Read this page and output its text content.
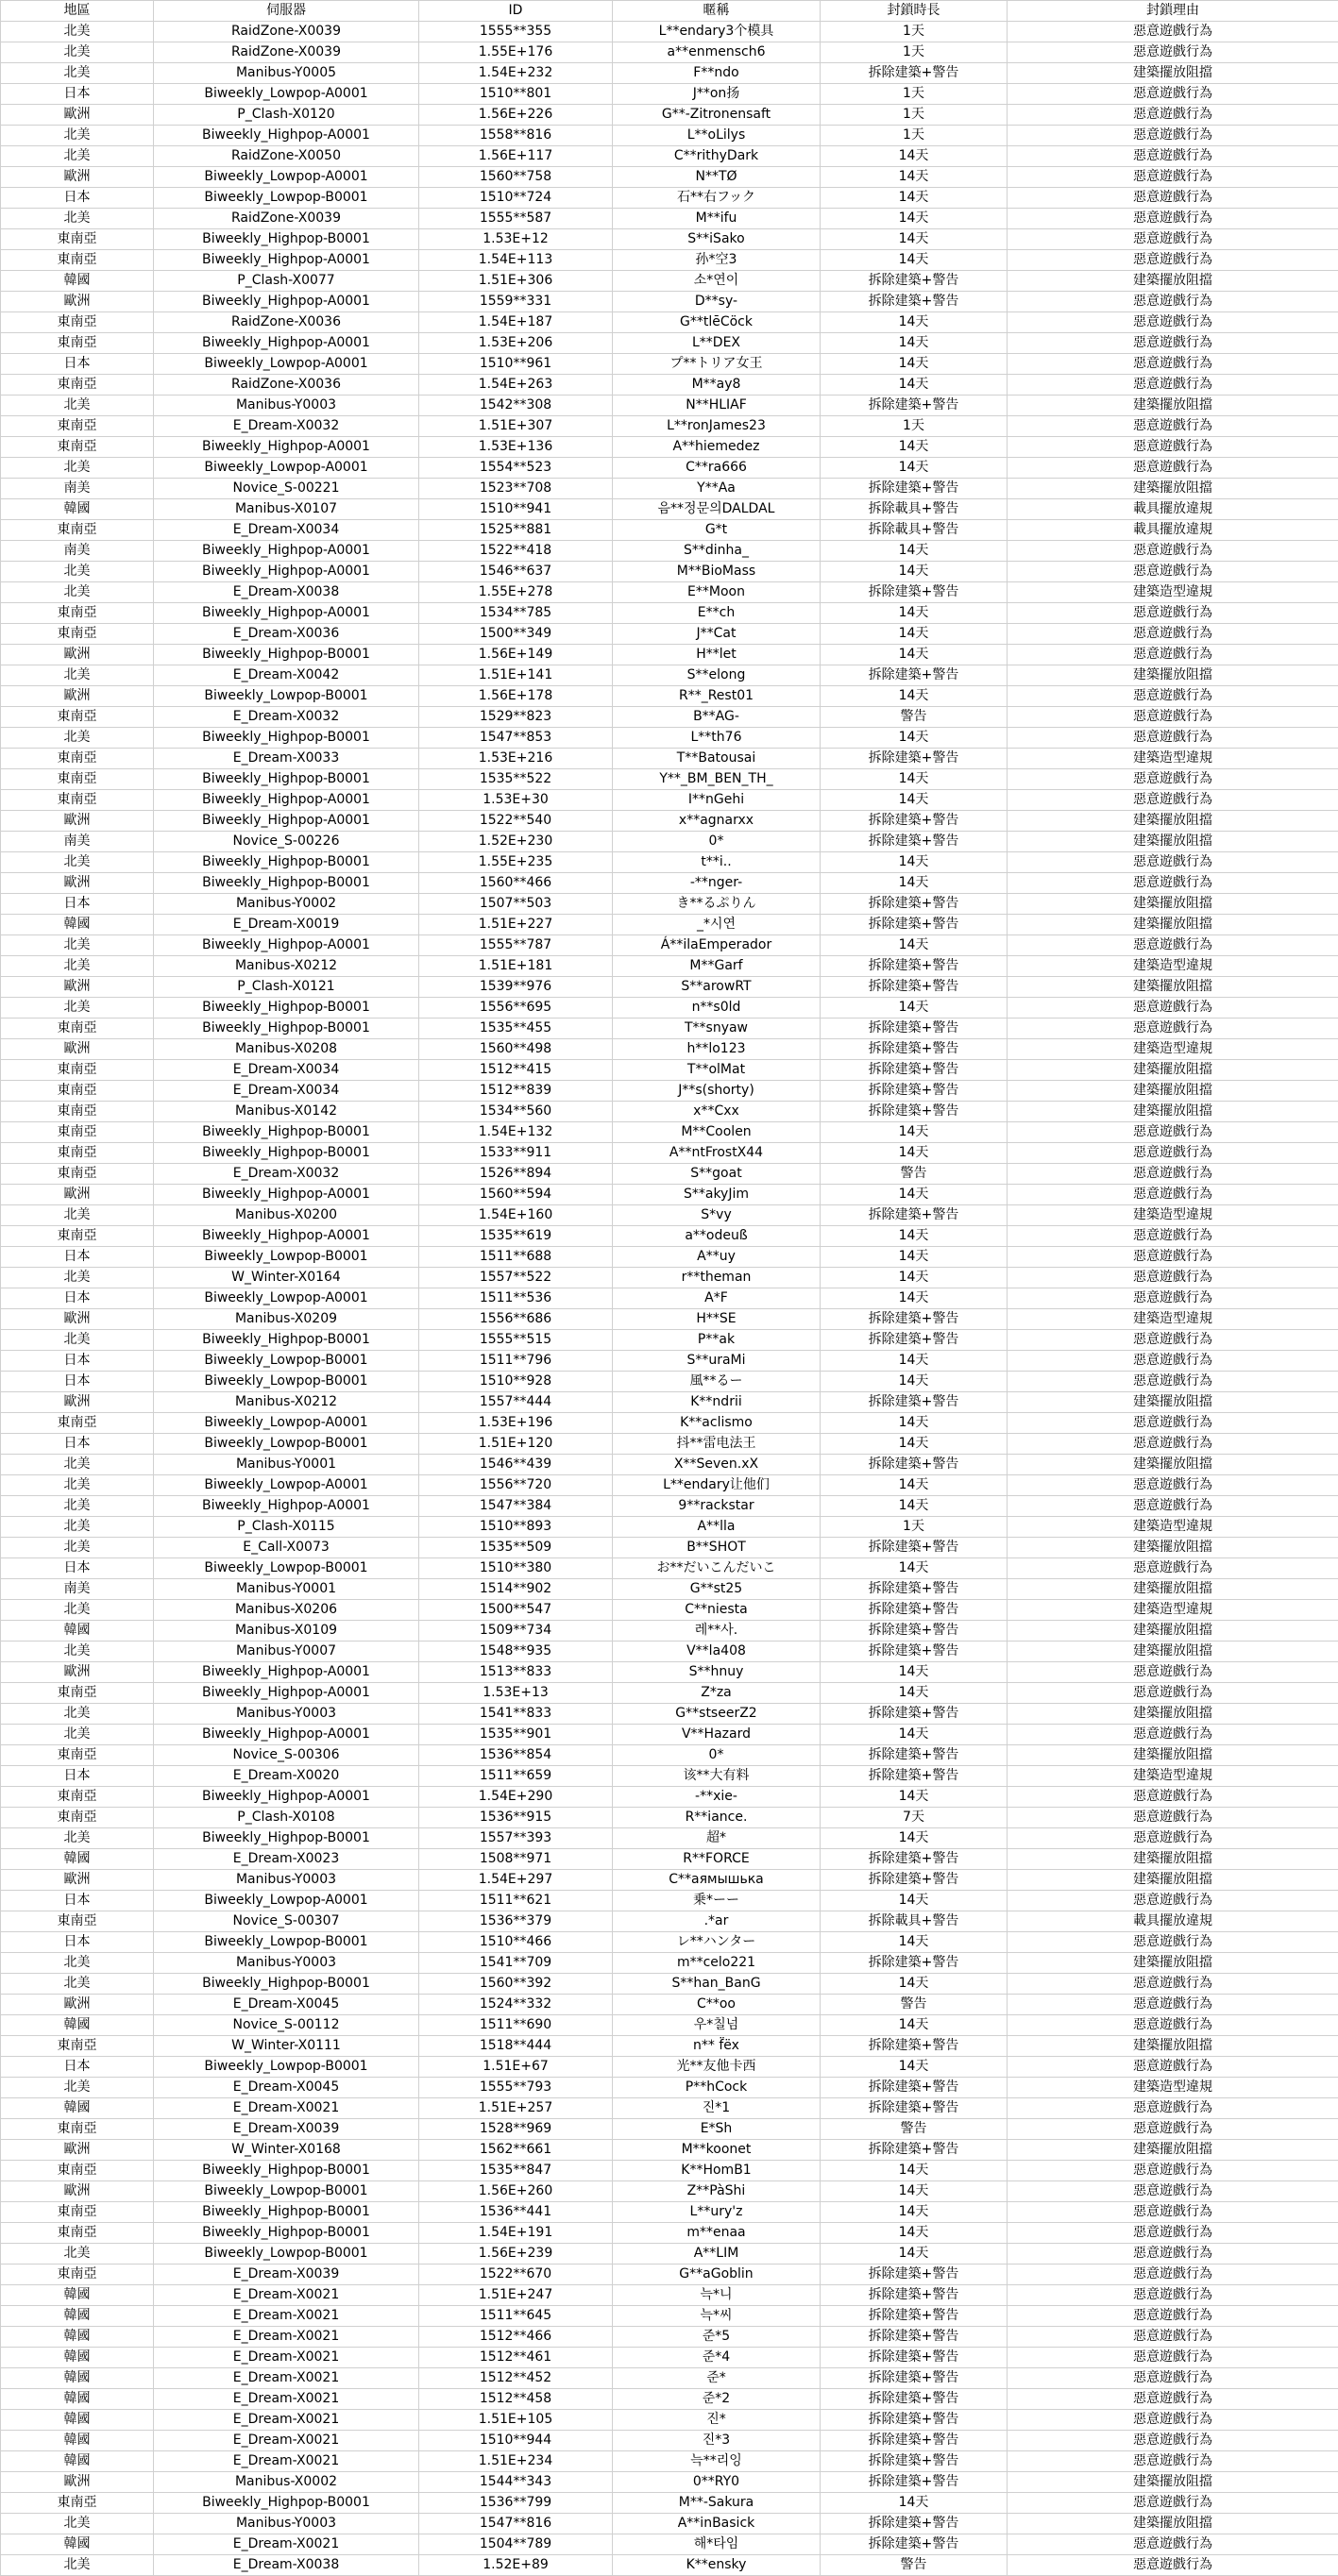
地區	伺服器	ID	暱稱	封鎖時長	封鎖理由
北美	RaidZone-X0039	1555**355	L**endary3个模具	1天	惡意遊戲行為
北美	RaidZone-X0039	1.55E+176	a**enmensch6	1天	惡意遊戲行為
北美	Manibus-Y0005	1.54E+232	F**ndo	拆除建築+警告	建築擺放阻擋
日本	Biweekly_Lowpop-A0001	1510**801	J**on扬	1天	惡意遊戲行為
歐洲	P_Clash-X0120	1.56E+226	G**-Zitronensaft	1天	惡意遊戲行為
北美	Biweekly_Highpop-A0001	1558**816	L**oLilys	1天	惡意遊戲行為
北美	RaidZone-X0050	1.56E+117	C**rithyDark	14天	惡意遊戲行為
歐洲	Biweekly_Lowpop-A0001	1560**758	N**TØ	14天	惡意遊戲行為
日本	Biweekly_Lowpop-B0001	1510**724	石**右フック	14天	惡意遊戲行為
北美	RaidZone-X0039	1555**587	M**ifu	14天	惡意遊戲行為
東南亞	Biweekly_Highpop-B0001	1.53E+12	S**iSako	14天	惡意遊戲行為
東南亞	Biweekly_Highpop-A0001	1.54E+113	孙*空3	14天	惡意遊戲行為
韓國	P_Clash-X0077	1.51E+306	소*연이	拆除建築+警告	建築擺放阻擋
歐洲	Biweekly_Highpop-A0001	1559**331	D**sy-	拆除建築+警告	惡意遊戲行為
東南亞	RaidZone-X0036	1.54E+187	G**tlēCöck	14天	惡意遊戲行為
東南亞	Biweekly_Highpop-A0001	1.53E+206	L**DEX	14天	惡意遊戲行為
日本	Biweekly_Lowpop-A0001	1510**961	プ**トリア女王	14天	惡意遊戲行為
東南亞	RaidZone-X0036	1.54E+263	M**ay8	14天	惡意遊戲行為
北美	Manibus-Y0003	1542**308	N**HLIAF	拆除建築+警告	建築擺放阻擋
東南亞	E_Dream-X0032	1.51E+307	L**ronJames23	1天	惡意遊戲行為
東南亞	Biweekly_Highpop-A0001	1.53E+136	A**hiemedez	14天	惡意遊戲行為
北美	Biweekly_Lowpop-A0001	1554**523	C**ra666	14天	惡意遊戲行為
南美	Novice_S-00221	1523**708	Y**Aa	拆除建築+警告	建築擺放阻擋
韓國	Manibus-X0107	1510**941	음**정문의DALDAL	拆除載具+警告	載具擺放違規
東南亞	E_Dream-X0034	1525**881	G*t	拆除載具+警告	載具擺放違規
南美	Biweekly_Highpop-A0001	1522**418	S**dinha_	14天	惡意遊戲行為
北美	Biweekly_Highpop-A0001	1546**637	M**BioMass	14天	惡意遊戲行為
北美	E_Dream-X0038	1.55E+278	E**Moon	拆除建築+警告	建築造型違規
東南亞	Biweekly_Highpop-A0001	1534**785	E**ch	14天	惡意遊戲行為
東南亞	E_Dream-X0036	1500**349	J**Cat	14天	惡意遊戲行為
歐洲	Biweekly_Highpop-B0001	1.56E+149	H**let	14天	惡意遊戲行為
北美	E_Dream-X0042	1.51E+141	S**elong	拆除建築+警告	建築擺放阻擋
歐洲	Biweekly_Lowpop-B0001	1.56E+178	R**_Rest01	14天	惡意遊戲行為
東南亞	E_Dream-X0032	1529**823	B**AG-	警告	惡意遊戲行為
北美	Biweekly_Highpop-B0001	1547**853	L**th76	14天	惡意遊戲行為
東南亞	E_Dream-X0033	1.53E+216	T**Batousai	拆除建築+警告	建築造型違規
東南亞	Biweekly_Highpop-B0001	1535**522	Y**_BM_BEN_TH_	14天	惡意遊戲行為
東南亞	Biweekly_Highpop-A0001	1.53E+30	I**nGehi	14天	惡意遊戲行為
歐洲	Biweekly_Highpop-A0001	1522**540	x**agnarxx	拆除建築+警告	建築擺放阻擋
南美	Novice_S-00226	1.52E+230	0*	拆除建築+警告	建築擺放阻擋
北美	Biweekly_Highpop-B0001	1.55E+235	t**i..	14天	惡意遊戲行為
歐洲	Biweekly_Highpop-B0001	1560**466	-**nger-	14天	惡意遊戲行為
日本	Manibus-Y0002	1507**503	き**るぷりん	拆除建築+警告	建築擺放阻擋
韓國	E_Dream-X0019	1.51E+227	_*시연	拆除建築+警告	建築擺放阻擋
北美	Biweekly_Highpop-A0001	1555**787	Á**ilaEmperador	14天	惡意遊戲行為
北美	Manibus-X0212	1.51E+181	M**Garf	拆除建築+警告	建築造型違規
歐洲	P_Clash-X0121	1539**976	S**arowRT	拆除建築+警告	建築擺放阻擋
北美	Biweekly_Highpop-B0001	1556**695	n**s0ld	14天	惡意遊戲行為
東南亞	Biweekly_Highpop-B0001	1535**455	T**snyaw	拆除建築+警告	惡意遊戲行為
歐洲	Manibus-X0208	1560**498	h**lo123	拆除建築+警告	建築造型違規
東南亞	E_Dream-X0034	1512**415	T**olMat	拆除建築+警告	建築擺放阻擋
東南亞	E_Dream-X0034	1512**839	J**s(shorty)	拆除建築+警告	建築擺放阻擋
東南亞	Manibus-X0142	1534**560	x**Cxx	拆除建築+警告	建築擺放阻擋
東南亞	Biweekly_Highpop-B0001	1.54E+132	M**Coolen	14天	惡意遊戲行為
東南亞	Biweekly_Highpop-B0001	1533**911	A**ntFrostX44	14天	惡意遊戲行為
東南亞	E_Dream-X0032	1526**894	S**goat	警告	惡意遊戲行為
歐洲	Biweekly_Highpop-A0001	1560**594	S**akyJim	14天	惡意遊戲行為
北美	Manibus-X0200	1.54E+160	S*vy	拆除建築+警告	建築造型違規
東南亞	Biweekly_Highpop-A0001	1535**619	a**odeuß	14天	惡意遊戲行為
日本	Biweekly_Lowpop-B0001	1511**688	A**uy	14天	惡意遊戲行為
北美	W_Winter-X0164	1557**522	r**theman	14天	惡意遊戲行為
日本	Biweekly_Lowpop-A0001	1511**536	A*F	14天	惡意遊戲行為
歐洲	Manibus-X0209	1556**686	H**SE	拆除建築+警告	建築造型違規
北美	Biweekly_Highpop-B0001	1555**515	P**ak	拆除建築+警告	惡意遊戲行為
日本	Biweekly_Lowpop-B0001	1511**796	S**uraMi	14天	惡意遊戲行為
日本	Biweekly_Lowpop-B0001	1510**928	風**るー	14天	惡意遊戲行為
歐洲	Manibus-X0212	1557**444	K**ndrii	拆除建築+警告	建築擺放阻擋
東南亞	Biweekly_Lowpop-A0001	1.53E+196	K**aclismo	14天	惡意遊戲行為
日本	Biweekly_Lowpop-B0001	1.51E+120	抖**雷电法王	14天	惡意遊戲行為
北美	Manibus-Y0001	1546**439	X**Seven.xX	拆除建築+警告	建築擺放阻擋
北美	Biweekly_Lowpop-A0001	1556**720	L**endary让他们	14天	惡意遊戲行為
北美	Biweekly_Highpop-A0001	1547**384	9**rackstar	14天	惡意遊戲行為
北美	P_Clash-X0115	1510**893	A**lla	1天	建築造型違規
北美	E_Call-X0073	1535**509	B**SHOT	拆除建築+警告	建築擺放阻擋
日本	Biweekly_Lowpop-B0001	1510**380	お**だいこんだいこ	14天	惡意遊戲行為
南美	Manibus-Y0001	1514**902	G**st25	拆除建築+警告	建築擺放阻擋
北美	Manibus-X0206	1500**547	C**niesta	拆除建築+警告	建築造型違規
韓國	Manibus-X0109	1509**734	레**사.	拆除建築+警告	建築擺放阻擋
北美	Manibus-Y0007	1548**935	V**la408	拆除建築+警告	建築擺放阻擋
歐洲	Biweekly_Highpop-A0001	1513**833	S**hnuy	14天	惡意遊戲行為
東南亞	Biweekly_Highpop-A0001	1.53E+13	Z*za	14天	惡意遊戲行為
北美	Manibus-Y0003	1541**833	G**stseerZ2	拆除建築+警告	建築擺放阻擋
北美	Biweekly_Highpop-A0001	1535**901	V**Hazard	14天	惡意遊戲行為
東南亞	Novice_S-00306	1536**854	0*	拆除建築+警告	建築擺放阻擋
日本	E_Dream-X0020	1511**659	该**大有料	拆除建築+警告	建築造型違規
東南亞	Biweekly_Highpop-A0001	1.54E+290	-**xie-	14天	惡意遊戲行為
東南亞	P_Clash-X0108	1536**915	R**iance.	7天	惡意遊戲行為
北美	Biweekly_Highpop-B0001	1557**393	超*	14天	惡意遊戲行為
韓國	E_Dream-X0023	1508**971	R**FORCE	拆除建築+警告	建築擺放阻擋
歐洲	Manibus-Y0003	1.54E+297	C**аямышька	拆除建築+警告	建築擺放阻擋
日本	Biweekly_Lowpop-A0001	1511**621	乗*ーー	14天	惡意遊戲行為
東南亞	Novice_S-00307	1536**379	.*ar	拆除載具+警告	載具擺放違規
日本	Biweekly_Lowpop-B0001	1510**466	レ**ハンター	14天	惡意遊戲行為
北美	Manibus-Y0003	1541**709	m**celo221	拆除建築+警告	建築擺放阻擋
北美	Biweekly_Highpop-B0001	1560**392	S**han_BanG	14天	惡意遊戲行為
歐洲	E_Dream-X0045	1524**332	C**oo	警告	惡意遊戲行為
韓國	Novice_S-00112	1511**690	우*칠넘	14天	惡意遊戲行為
東南亞	W_Winter-X0111	1518**444	n** f̈ëx	拆除建築+警告	建築擺放阻擋
日本	Biweekly_Lowpop-B0001	1.51E+67	光**友他卡西	14天	惡意遊戲行為
北美	E_Dream-X0045	1555**793	P**hCock	拆除建築+警告	建築造型違規
韓國	E_Dream-X0021	1.51E+257	진*1	拆除建築+警告	惡意遊戲行為
東南亞	E_Dream-X0039	1528**969	E*Sh	警告	惡意遊戲行為
歐洲	W_Winter-X0168	1562**661	M**koonet	拆除建築+警告	建築擺放阻擋
東南亞	Biweekly_Highpop-B0001	1535**847	K**HomB1	14天	惡意遊戲行為
歐洲	Biweekly_Lowpop-B0001	1.56E+260	Z**PàShi	14天	惡意遊戲行為
東南亞	Biweekly_Highpop-B0001	1536**441	L**ury'z	14天	惡意遊戲行為
東南亞	Biweekly_Highpop-B0001	1.54E+191	m**enaa	14天	惡意遊戲行為
北美	Biweekly_Lowpop-B0001	1.56E+239	A**LIM	14天	惡意遊戲行為
東南亞	E_Dream-X0039	1522**670	G**aGoblin	拆除建築+警告	惡意遊戲行為
韓國	E_Dream-X0021	1.51E+247	늑*니	拆除建築+警告	惡意遊戲行為
韓國	E_Dream-X0021	1511**645	늑*씨	拆除建築+警告	惡意遊戲行為
韓國	E_Dream-X0021	1512**466	준*5	拆除建築+警告	惡意遊戲行為
韓國	E_Dream-X0021	1512**461	준*4	拆除建築+警告	惡意遊戲行為
韓國	E_Dream-X0021	1512**452	준*	拆除建築+警告	惡意遊戲行為
韓國	E_Dream-X0021	1512**458	준*2	拆除建築+警告	惡意遊戲行為
韓國	E_Dream-X0021	1.51E+105	진*	拆除建築+警告	惡意遊戲行為
韓國	E_Dream-X0021	1510**944	진*3	拆除建築+警告	惡意遊戲行為
韓國	E_Dream-X0021	1.51E+234	늑**리잉	拆除建築+警告	惡意遊戲行為
歐洲	Manibus-X0002	1544**343	0**RY0	拆除建築+警告	建築擺放阻擋
東南亞	Biweekly_Highpop-B0001	1536**799	M**-Sakura	14天	惡意遊戲行為
北美	Manibus-Y0003	1547**816	A**inBasick	拆除建築+警告	建築擺放阻擋
韓國	E_Dream-X0021	1504**789	해*타임	拆除建築+警告	惡意遊戲行為
北美	E_Dream-X0038	1.52E+89	K**ensky	警告	惡意遊戲行為
